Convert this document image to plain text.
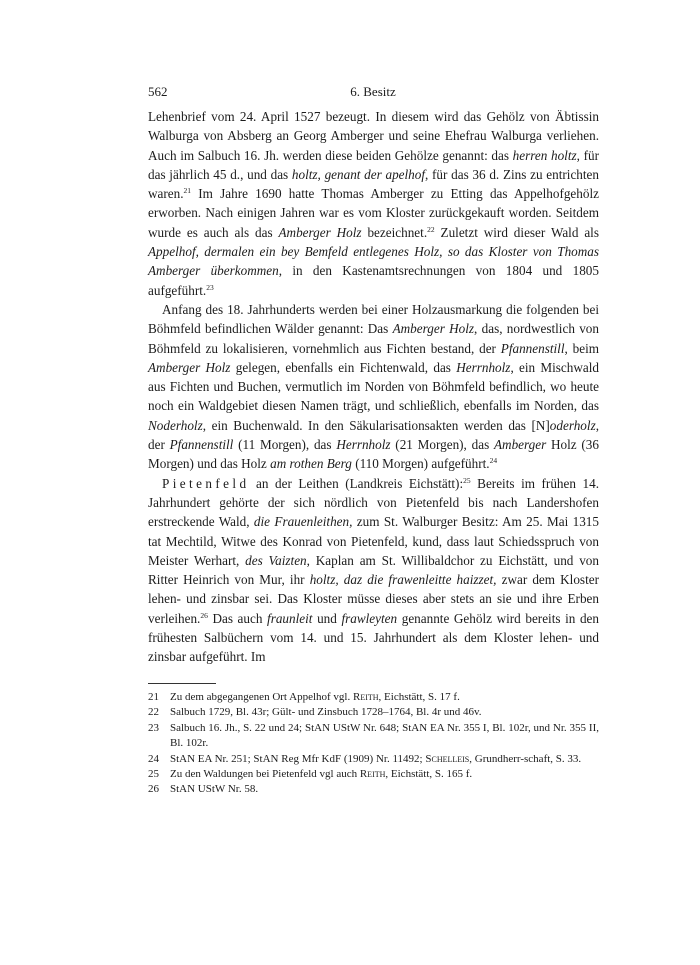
562	6. Besitz

Lehenbrief vom 24. April 1527 bezeugt. In diesem wird das Gehölz von Äbtissin Walburga von Absberg an Georg Amberger und seine Ehefrau Walburga verliehen. Auch im Salbuch 16. Jh. werden diese beiden Gehölze genannt: das herren holtz, für das jährlich 45 d., und das holtz, genant der apelhof, für das 36 d. Zins zu entrichten waren.$^{21}$ Im Jahre 1690 hatte Thomas Amberger zu Etting das Appelhofgehölz erworben. Nach einigen Jahren war es vom Kloster zurückgekauft worden. Seitdem wurde es auch als das Amberger Holz bezeichnet.$^{22}$ Zuletzt wird dieser Wald als Appelhof, dermalen ein bey Bemfeld entlegenes Holz, so das Kloster von Thomas Amberger überkommen, in den Kastenamtsrechnungen von 1804 und 1805 aufgeführt.$^{23}$

Anfang des 18. Jahrhunderts werden bei einer Holzausmarkung die folgenden bei Böhmfeld befindlichen Wälder genannt: Das Amberger Holz, das, nordwestlich von Böhmfeld zu lokalisieren, vornehmlich aus Fichten bestand, der Pfannenstill, beim Amberger Holz gelegen, ebenfalls ein Fichtenwald, das Herrnholz, ein Mischwald aus Fichten und Buchen, vermutlich im Norden von Böhmfeld befindlich, wo heute noch ein Waldgebiet diesen Namen trägt, und schließlich, ebenfalls im Norden, das Noderholz, ein Buchenwald. In den Säkularisationsakten werden das [N]oderholz, der Pfannenstill (11 Morgen), das Herrnholz (21 Morgen), das Amberger Holz (36 Morgen) und das Holz am rothen Berg (110 Morgen) aufgeführt.$^{24}$

Pietenfeld an der Leithen (Landkreis Eichstätt):$^{25}$ Bereits im frühen 14. Jahrhundert gehörte der sich nördlich von Pietenfeld bis nach Landershofen erstreckende Wald, die Frauenleithen, zum St. Walburger Besitz: Am 25. Mai 1315 tat Mechtild, Witwe des Konrad von Pietenfeld, kund, dass laut Schiedsspruch von Meister Werhart, des Vaizten, Kaplan am St. Willibaldchor zu Eichstätt, und von Ritter Heinrich von Mur, ihr holtz, daz die frawenleitte haizzet, zwar dem Kloster lehen- und zinsbar sei. Das Kloster müsse dieses aber stets an sie und ihre Erben verleihen.$^{26}$ Das auch fraunleit und frawleyten genannte Gehölz wird bereits in den frühesten Salbüchern vom 14. und 15. Jahrhundert als dem Kloster lehen- und zinsbar aufgeführt. Im

21 Zu dem abgegangenen Ort Appelhof vgl. Reith, Eichstätt, S. 17 f.
22 Salbuch 1729, Bl. 43r; Gült- und Zinsbuch 1728–1764, Bl. 4r und 46v.
23 Salbuch 16. Jh., S. 22 und 24; StAN UStW Nr. 648; StAN EA Nr. 355 I, Bl. 102r, und Nr. 355 II, Bl. 102r.
24 StAN EA Nr. 251; StAN Reg Mfr KdF (1909) Nr. 11492; Schelleis, Grundherr-schaft, S. 33.
25 Zu den Waldungen bei Pietenfeld vgl auch Reith, Eichstätt, S. 165 f.
26 StAN UStW Nr. 58.
